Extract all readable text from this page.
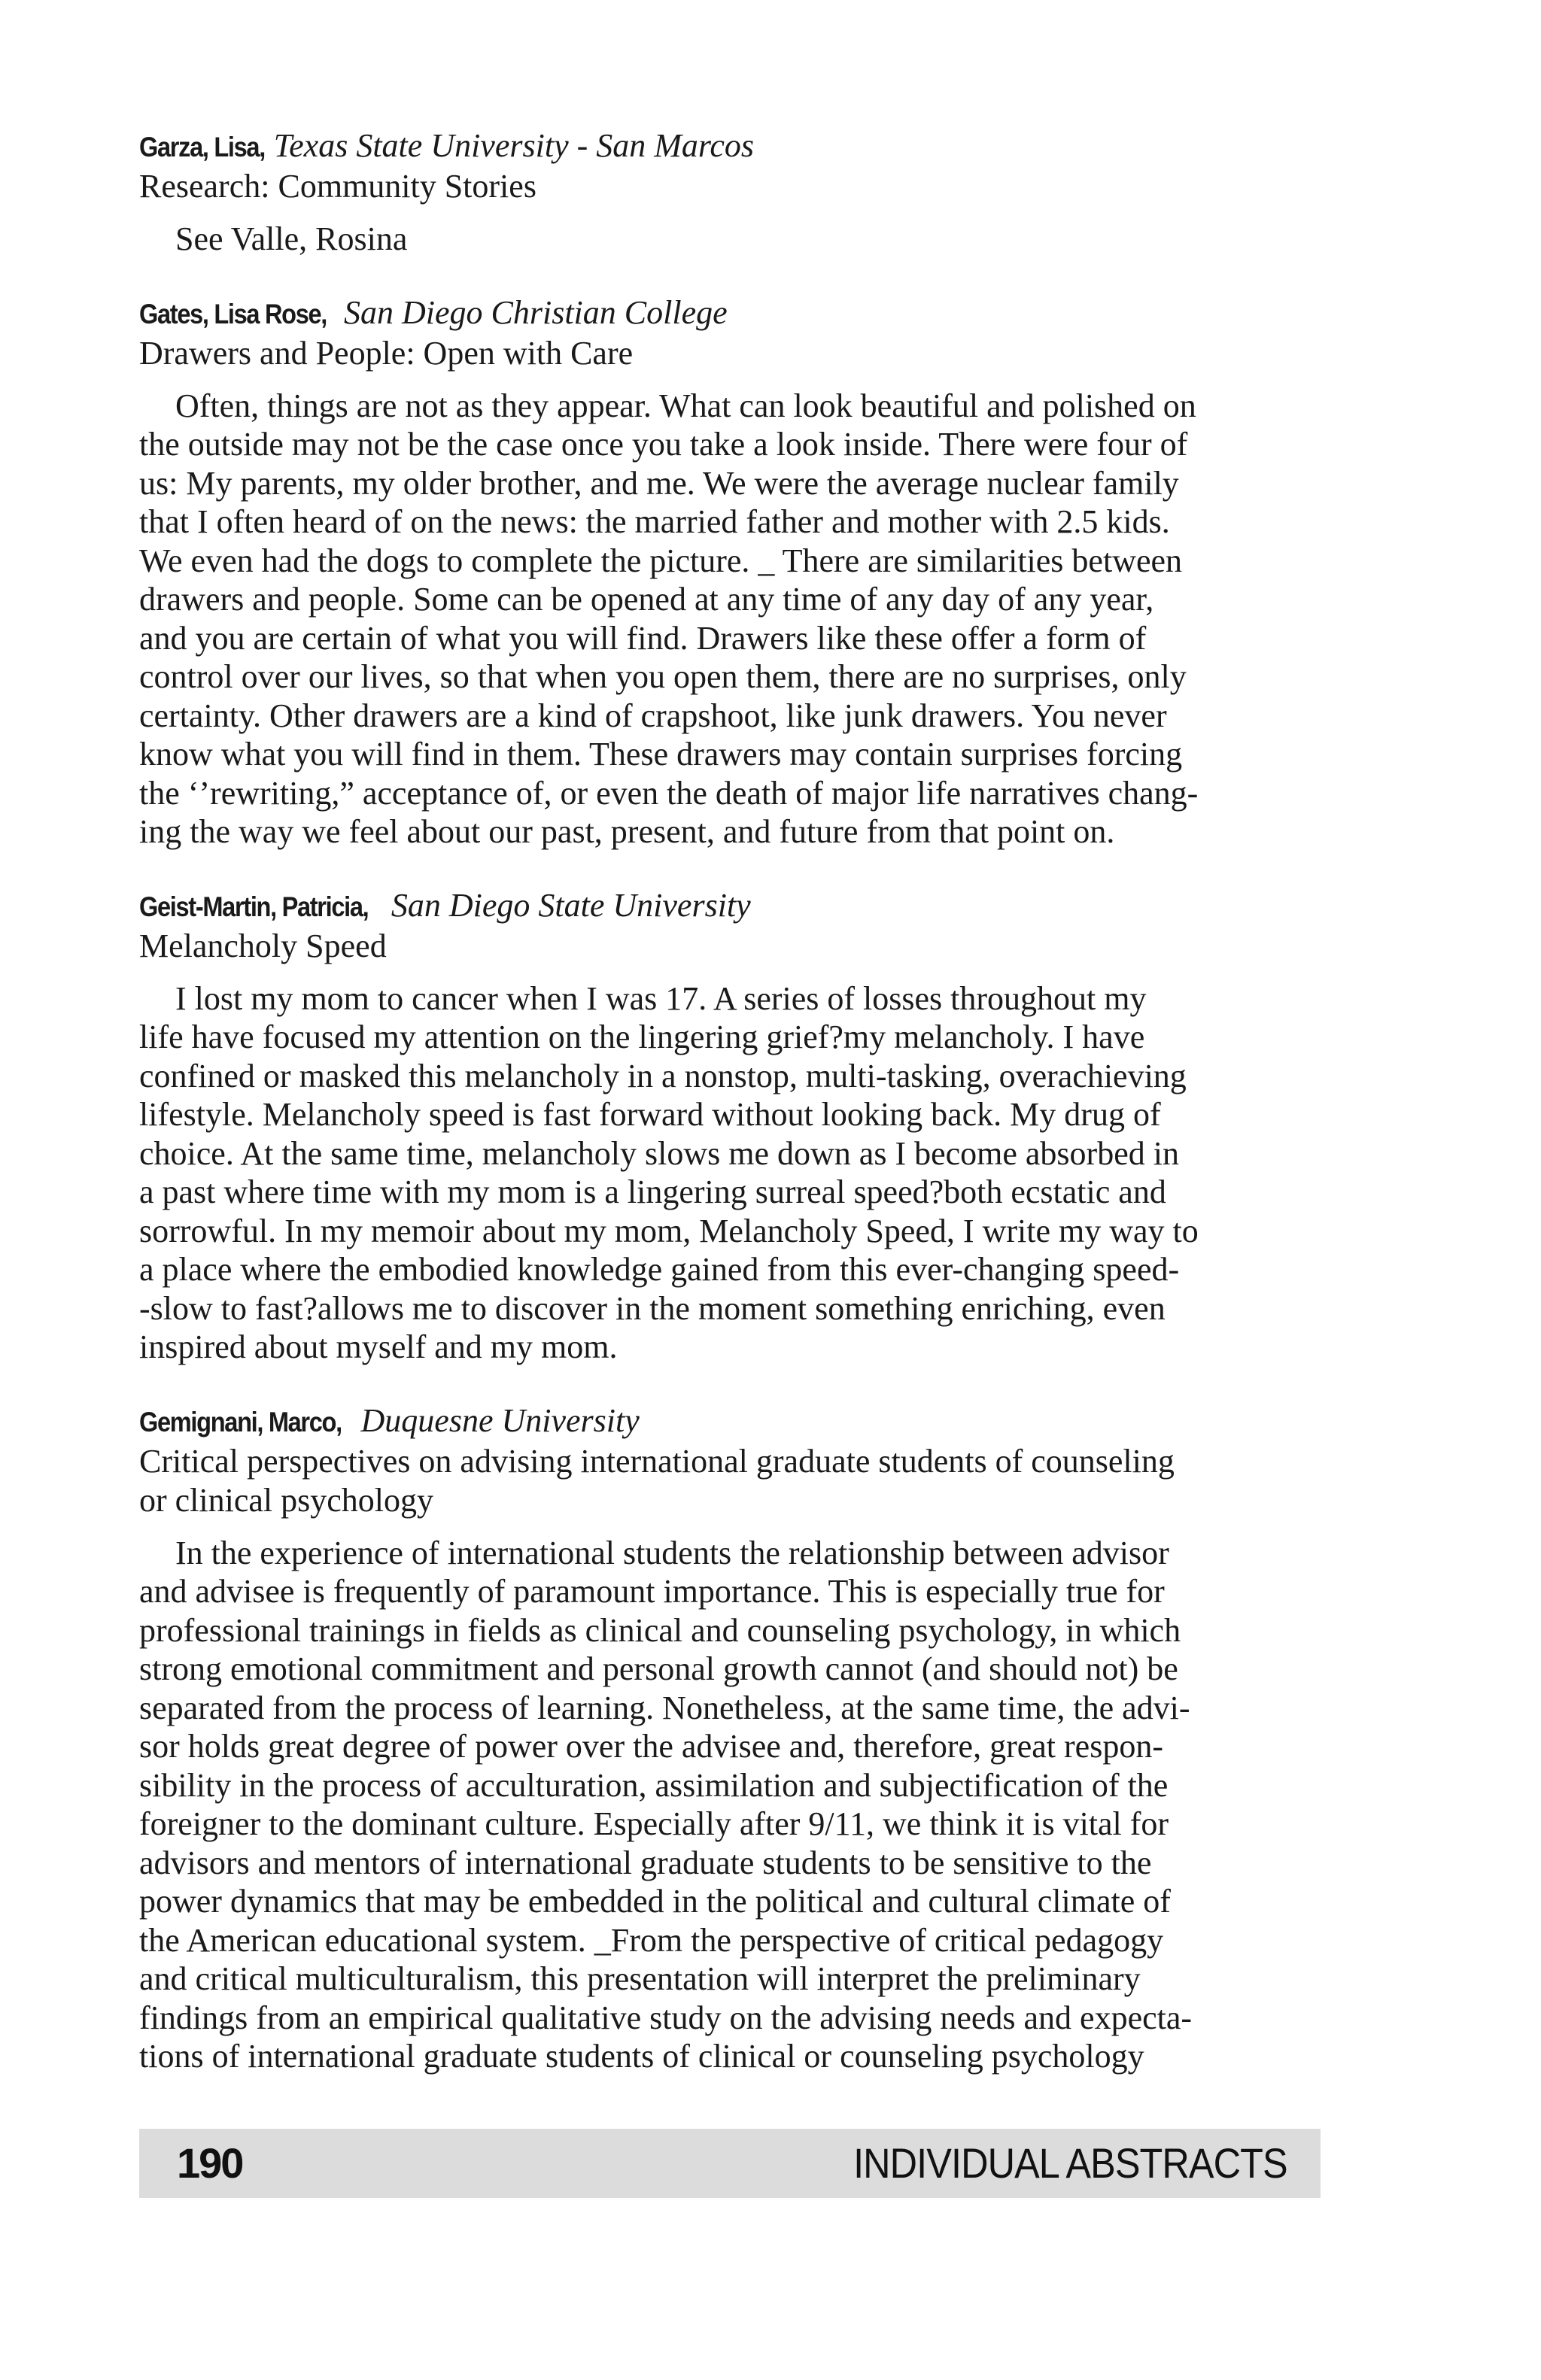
Garza, Lisa, Texas State University - San Marcos
Research: Community Stories
See Valle, Rosina
Gates, Lisa Rose, San Diego Christian College
Drawers and People: Open with Care
Often, things are not as they appear. What can look beautiful and polished on
the outside may not be the case once you take a look inside. There were four of
us: My parents, my older brother, and me. We were the average nuclear family
that I often heard of on the news: the married father and mother with 2.5 kids.
We even had the dogs to complete the picture. _ There are similarities between
drawers and people. Some can be opened at any time of any day of any year,
and you are certain of what you will find. Drawers like these offer a form of
control over our lives, so that when you open them, there are no surprises, only
certainty. Other drawers are a kind of crapshoot, like junk drawers. You never
know what you will find in them. These drawers may contain surprises forcing
the ‘’rewriting,” acceptance of, or even the death of major life narratives chang-
ing the way we feel about our past, present, and future from that point on.
Geist-Martin, Patricia, San Diego State University
Melancholy Speed
I lost my mom to cancer when I was 17. A series of losses throughout my
life have focused my attention on the lingering grief?my melancholy. I have
confined or masked this melancholy in a nonstop, multi-tasking, overachieving
lifestyle. Melancholy speed is fast forward without looking back. My drug of
choice. At the same time, melancholy slows me down as I become absorbed in
a past where time with my mom is a lingering surreal speed?both ecstatic and
sorrowful. In my memoir about my mom, Melancholy Speed, I write my way to
a place where the embodied knowledge gained from this ever-changing speed-
-slow to fast?allows me to discover in the moment something enriching, even
inspired about myself and my mom.
Gemignani, Marco, Duquesne University
Critical perspectives on advising international graduate students of counseling
or clinical psychology
In the experience of international students the relationship between advisor
and advisee is frequently of paramount importance. This is especially true for
professional trainings in fields as clinical and counseling psychology, in which
strong emotional commitment and personal growth cannot (and should not) be
separated from the process of learning. Nonetheless, at the same time, the advi-
sor holds great degree of power over the advisee and, therefore, great respon-
sibility in the process of acculturation, assimilation and subjectification of the
foreigner to the dominant culture. Especially after 9/11, we think it is vital for
advisors and mentors of international graduate students to be sensitive to the
power dynamics that may be embedded in the political and cultural climate of
the American educational system. _From the perspective of critical pedagogy
and critical multiculturalism, this presentation will interpret the preliminary
findings from an empirical qualitative study on the advising needs and expecta-
tions of international graduate students of clinical or counseling psychology
190	INDIVIDUAL ABSTRACTS
